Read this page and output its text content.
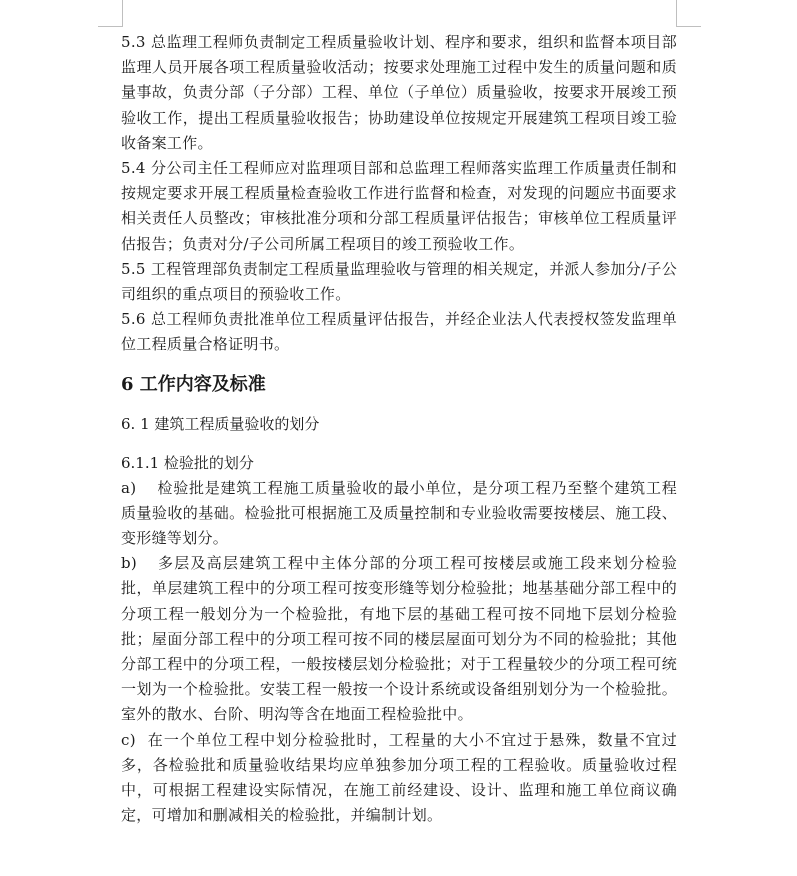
5.3 总监理工程师负责制定工程质量验收计划、程序和要求，组织和监督本项目部监理人员开展各项工程质量验收活动；按要求处理施工过程中发生的质量问题和质量事故，负责分部（子分部）工程、单位（子单位）质量验收，按要求开展竣工预验收工作，提出工程质量验收报告；协助建设单位按规定开展建筑工程项目竣工验收备案工作。

5.4 分公司主任工程师应对监理项目部和总监理工程师落实监理工作质量责任制和按规定要求开展工程质量检查验收工作进行监督和检查，对发现的问题应书面要求相关责任人员整改；审核批准分项和分部工程质量评估报告；审核单位工程质量评估报告；负责对分/子公司所属工程项目的竣工预验收工作。

5.5 工程管理部负责制定工程质量监理验收与管理的相关规定，并派人参加分/子公司组织的重点项目的预验收工作。

5.6 总工程师负责批准单位工程质量评估报告，并经企业法人代表授权签发监理单位工程质量合格证明书。

6 工作内容及标准
6. 1 建筑工程质量验收的划分
6.1.1 检验批的划分

a) 检验批是建筑工程施工质量验收的最小单位，是分项工程乃至整个建筑工程质量验收的基础。检验批可根据施工及质量控制和专业验收需要按楼层、施工段、变形缝等划分。

b) 多层及高层建筑工程中主体分部的分项工程可按楼层或施工段来划分检验批，单层建筑工程中的分项工程可按变形缝等划分检验批；地基基础分部工程中的分项工程一般划分为一个检验批，有地下层的基础工程可按不同地下层划分检验批；屋面分部工程中的分项工程可按不同的楼层屋面可划分为不同的检验批；其他分部工程中的分项工程，一般按楼层划分检验批；对于工程量较少的分项工程可统一划为一个检验批。安装工程一般按一个设计系统或设备组别划分为一个检验批。室外的散水、台阶、明沟等含在地面工程检验批中。

c) 在一个单位工程中划分检验批时，工程量的大小不宜过于悬殊，数量不宜过多，各检验批和质量验收结果均应单独参加分项工程的工程验收。质量验收过程中，可根据工程建设实际情况，在施工前经建设、设计、监理和施工单位商议确定，可增加和删减相关的检验批，并编制计划。
